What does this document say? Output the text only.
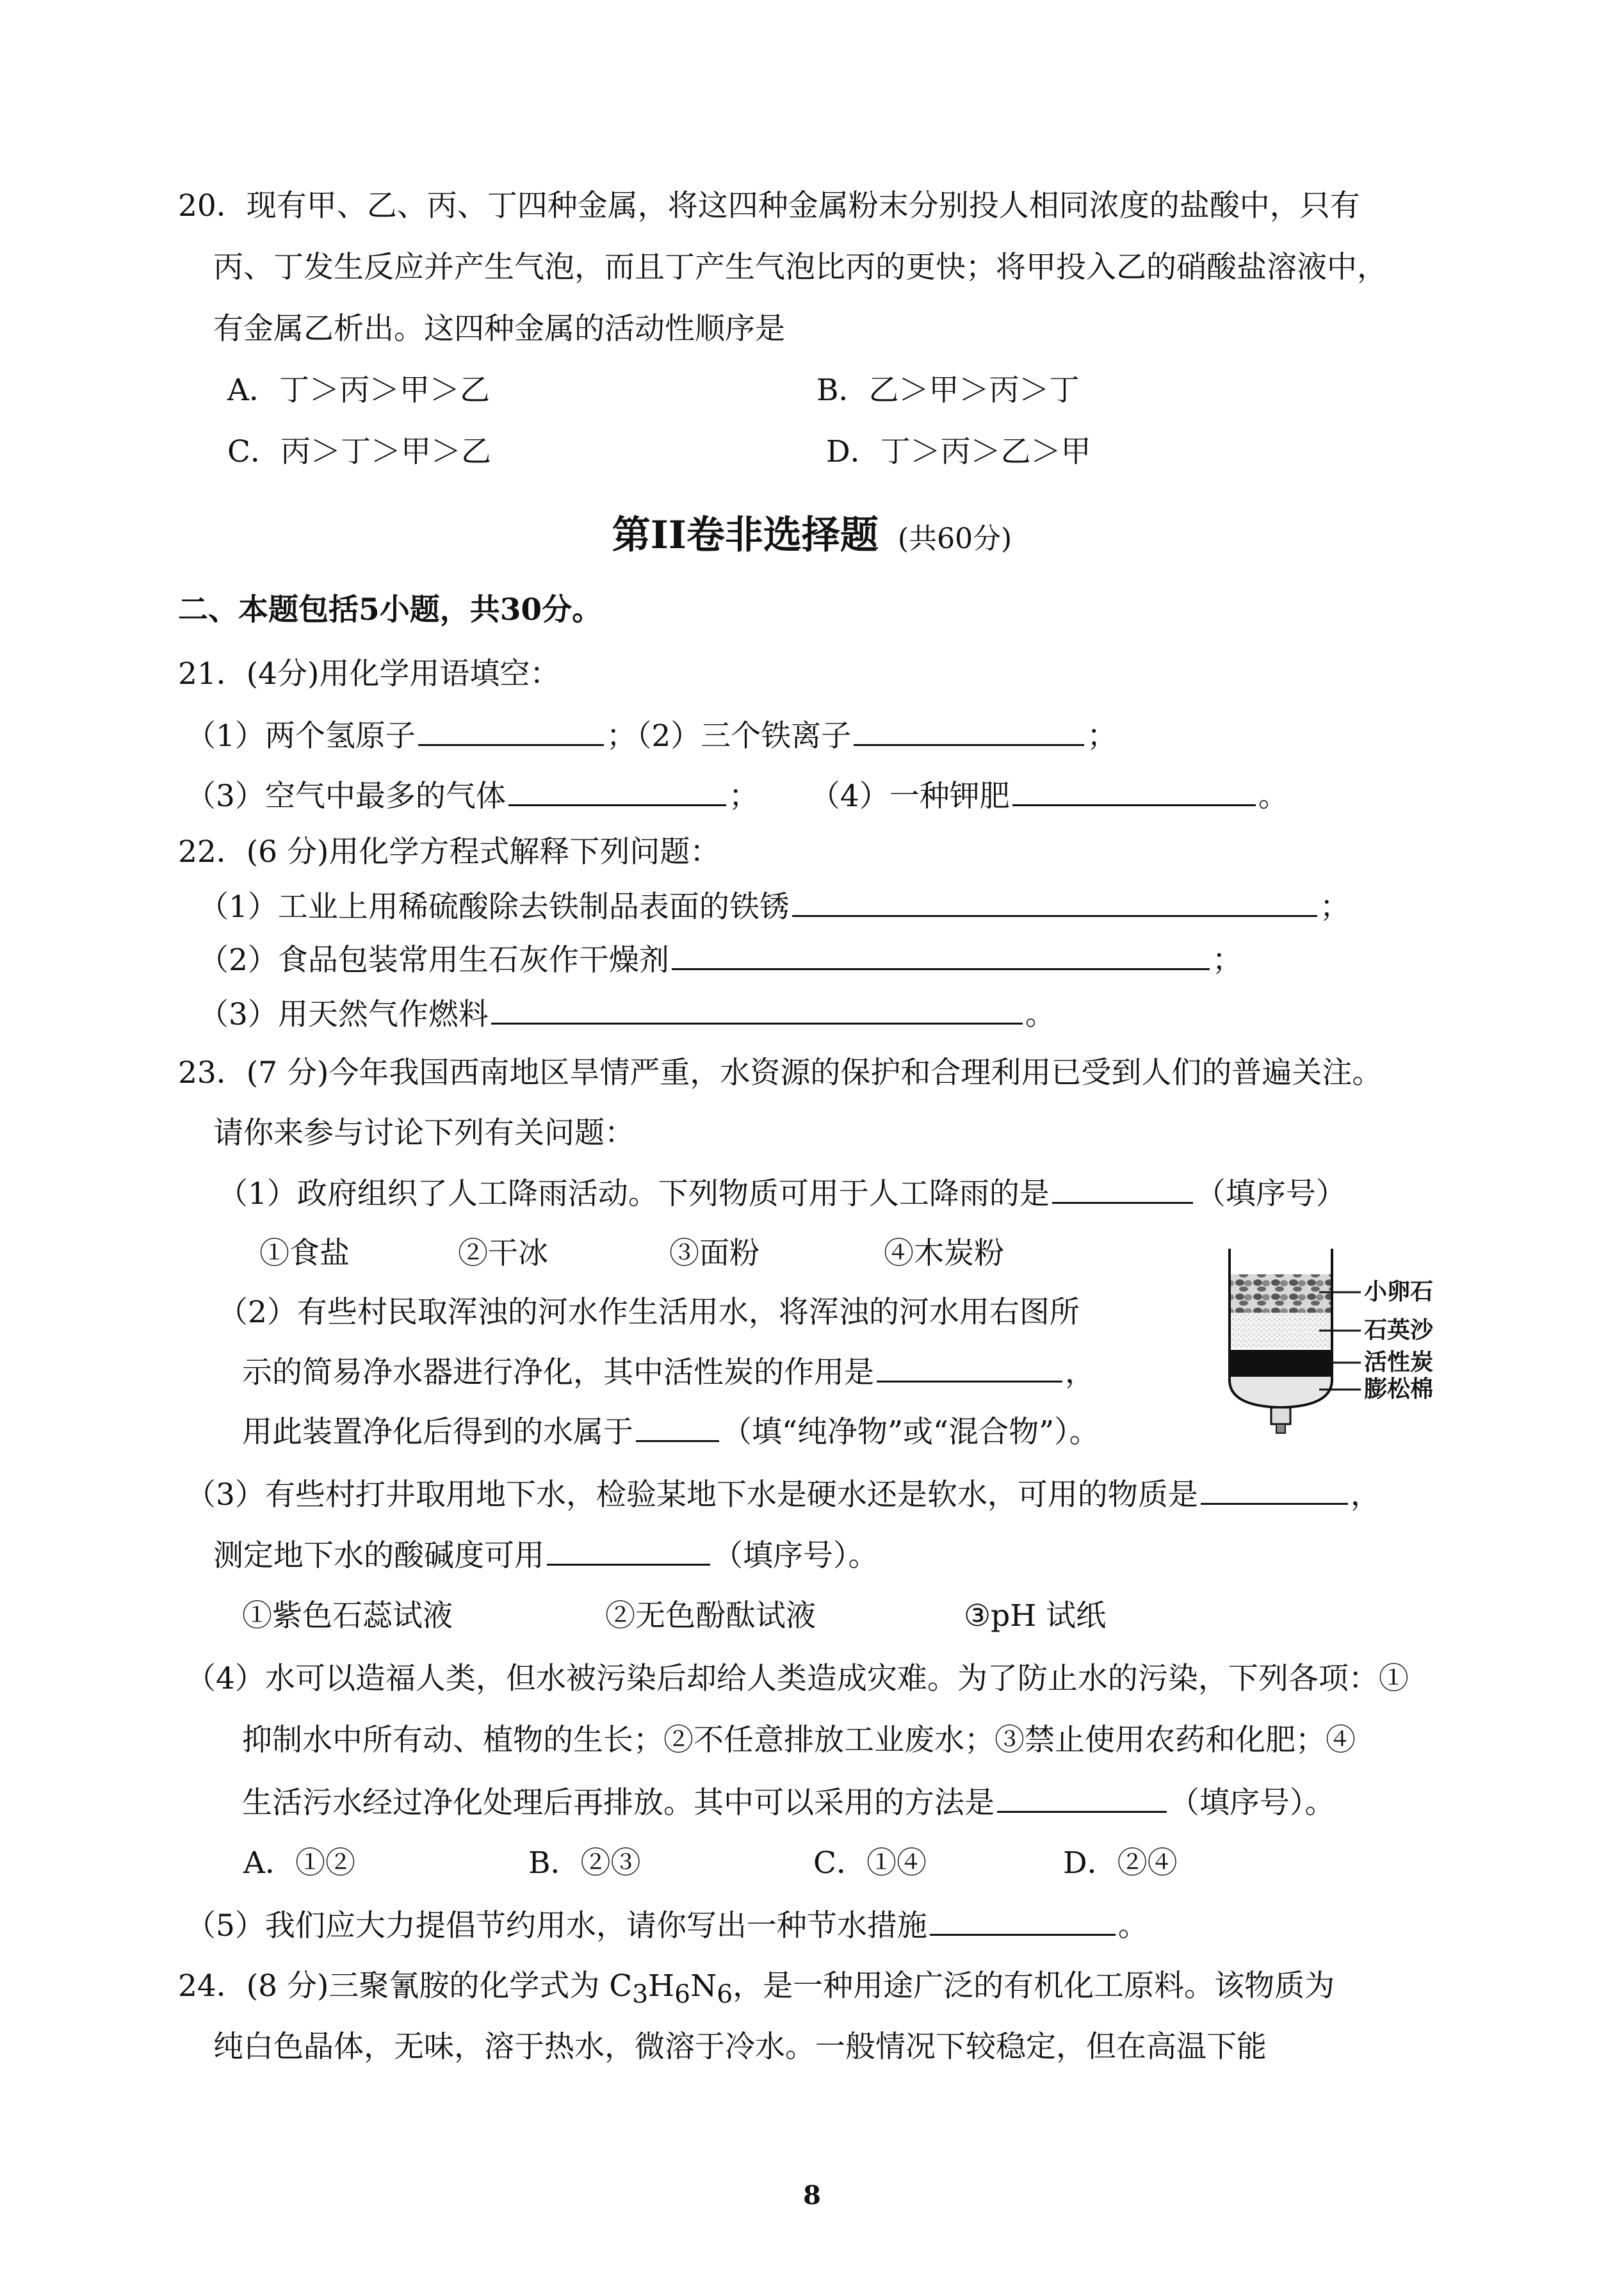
20．现有甲、乙、丙、丁四种金属，将这四种金属粉末分别投人相同浓度的盐酸中，只有
丙、丁发生反应并产生气泡，而且丁产生气泡比丙的更快；将甲投入乙的硝酸盐溶液中，
有金属乙析出。这四种金属的活动性顺序是
A．丁＞丙＞甲＞乙	B．乙＞甲＞丙＞丁
C．丙＞丁＞甲＞乙	D．丁＞丙＞乙＞甲
第II卷非选择题 (共60分)
二、本题包括5小题，共30分。
21．(4分)用化学用语填空：
（1）两个氢原子	；（2）三个铁离子	；
（3）空气中最多的气体	； （4）一种钾肥	。
22．(6 分)用化学方程式解释下列问题：
（1）工业上用稀硫酸除去铁制品表面的铁锈	；
（2）食品包装常用生石灰作干燥剂	；
（3）用天然气作燃料	。
23．(7 分)今年我国西南地区旱情严重，水资源的保护和合理利用已受到人们的普遍关注。
请你来参与讨论下列有关问题：
（1）政府组织了人工降雨活动。下列物质可用于人工降雨的是	（填序号）
①食盐	②干冰	③面粉	④木炭粉
（2）有些村民取浑浊的河水作生活用水，将浑浊的河水用右图所
示的简易净水器进行净化，其中活性炭的作用是	，
用此装置净化后得到的水属于	（填“纯净物”或“混合物”）。
小卵石
石英沙
活性炭
膨松棉
（3）有些村打井取用地下水，检验某地下水是硬水还是软水，可用的物质是	，
测定地下水的酸碱度可用	（填序号）。
①紫色石蕊试液	②无色酚酞试液	③pH 试纸
（4）水可以造福人类，但水被污染后却给人类造成灾难。为了防止水的污染，下列各项：①
抑制水中所有动、植物的生长；②不任意排放工业废水；③禁止使用农药和化肥；④
生活污水经过净化处理后再排放。其中可以采用的方法是	（填序号）。
A．①②	B．②③	C．①④	D．②④
（5）我们应大力提倡节约用水，请你写出一种节水措施	。
24．(8 分)三聚氰胺的化学式为 $C_3H_6N_6$，是一种用途广泛的有机化工原料。该物质为
纯白色晶体，无味，溶于热水，微溶于冷水。一般情况下较稳定，但在高温下能
8
